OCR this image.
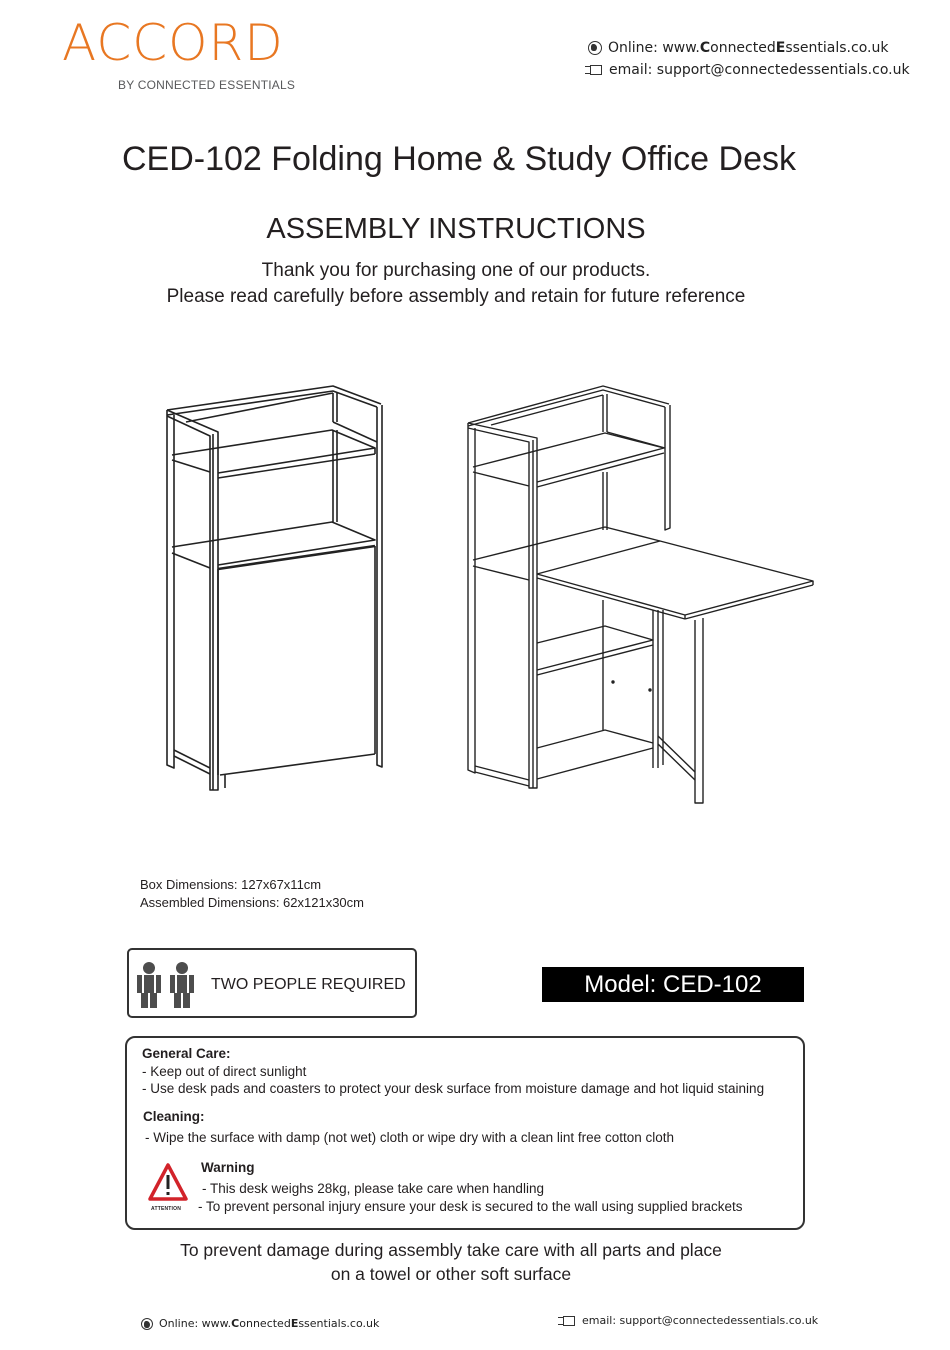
ACCORD
BY CONNECTED ESSENTIALS
Online: www.ConnectedEssentials.co.uk
email: support@connectedessentials.co.uk
CED-102 Folding Home & Study Office Desk
ASSEMBLY INSTRUCTIONS
Thank you for purchasing one of our products.
Please read carefully before assembly and retain for future reference
Box Dimensions: 127x67x11cm
Assembled Dimensions: 62x121x30cm
TWO PEOPLE REQUIRED	Model: CED-102
General Care:
- Keep out of direct sunlight
- Use desk pads and coasters to protect your desk surface from moisture damage and hot liquid staining
Cleaning:
- Wipe the surface with damp (not wet) cloth or wipe dry with a clean lint free cotton cloth
ATTENTION
Warning
- This desk weighs 28kg, please take care when handling
- To prevent personal injury ensure your desk is secured to the wall using supplied brackets
To prevent damage during assembly take care with all parts and place
on a towel or other soft surface
Online: www.ConnectedEssentials.co.uk	email: support@connectedessentials.co.uk
